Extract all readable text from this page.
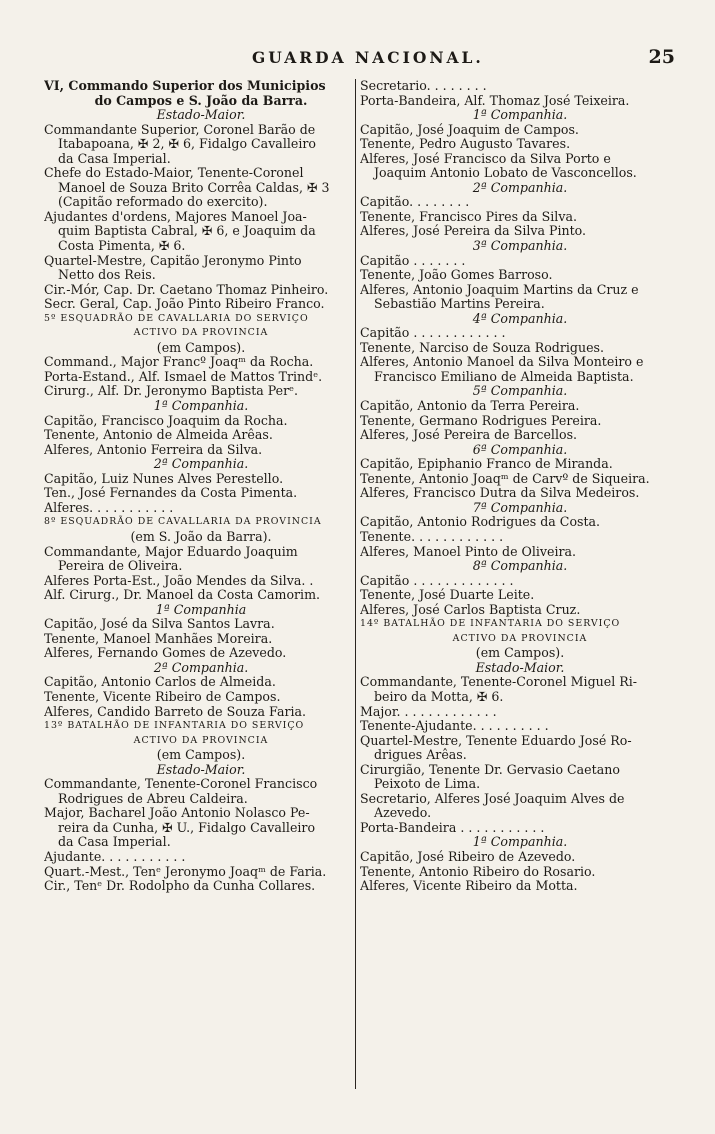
GUARDA NACIONAL.	25
VI, Commando Superior dos Municipios
do Campos e S. João da Barra.
Estado-Maior.
Commandante Superior, Coronel Barão de
Itabapoana, ✠ 2, ✠ 6, Fidalgo Cavalleiro
da Casa Imperial.
Chefe do Estado-Maior, Tenente-Coronel
Manoel de Souza Brito Corrêa Caldas, ✠ 3
(Capitão reformado do exercito).
Ajudantes d'ordens, Majores Manoel Joa-
quim Baptista Cabral, ✠ 6, e Joaquim da
Costa Pimenta, ✠ 6.
Quartel-Mestre, Capitão Jeronymo Pinto
Netto dos Reis.
Cir.-Mór, Cap. Dr. Caetano Thomaz Pinheiro.
Secr. Geral, Cap. João Pinto Ribeiro Franco.
5º ESQUADRÃO DE CAVALLARIA DO SERVIÇO
ACTIVO DA PROVINCIA
(em Campos).
Command., Major Francº Joaqᵐ da Rocha.
Porta-Estand., Alf. Ismael de Mattos Trindᵉ.
Cirurg., Alf. Dr. Jeronymo Baptista Perᵉ.
1ª Companhia.
Capitão, Francisco Joaquim da Rocha.
Tenente, Antonio de Almeida Arêas.
Alferes, Antonio Ferreira da Silva.
2ª Companhia.
Capitão, Luiz Nunes Alves Perestello.
Ten., José Fernandes da Costa Pimenta.
Alferes. . . . . . . . . . .
8º ESQUADRÃO DE CAVALLARIA DA PROVINCIA
(em S. João da Barra).
Commandante, Major Eduardo Joaquim
Pereira de Oliveira.
Alferes Porta-Est., João Mendes da Silva. .
Alf. Cirurg., Dr. Manoel da Costa Camorim.
1ª Companhia
Capitão, José da Silva Santos Lavra.
Tenente, Manoel Manhães Moreira.
Alferes, Fernando Gomes de Azevedo.
2ª Companhia.
Capitão, Antonio Carlos de Almeida.
Tenente, Vicente Ribeiro de Campos.
Alferes, Candido Barreto de Souza Faria.
13º BATALHÃO DE INFANTARIA DO SERVIÇO
ACTIVO DA PROVINCIA
(em Campos).
Estado-Maior.
Commandante, Tenente-Coronel Francisco
Rodrigues de Abreu Caldeira.
Major, Bacharel João Antonio Nolasco Pe-
reira da Cunha, ✠ U., Fidalgo Cavalleiro
da Casa Imperial.
Ajudante. . . . . . . . . . .
Quart.-Mest., Tenᵉ Jeronymo Joaqᵐ de Faria.
Cir., Tenᵉ Dr. Rodolpho da Cunha Collares.
Secretario. . . . . . . .
Porta-Bandeira, Alf. Thomaz José Teixeira.
1ª Companhia.
Capitão, José Joaquim de Campos.
Tenente, Pedro Augusto Tavares.
Alferes, José Francisco da Silva Porto e
Joaquim Antonio Lobato de Vasconcellos.
2ª Companhia.
Capitão. . . . . . . .
Tenente, Francisco Pires da Silva.
Alferes, José Pereira da Silva Pinto.
3ª Companhia.
Capitão . . . . . . .
Tenente, João Gomes Barroso.
Alferes, Antonio Joaquim Martins da Cruz e
Sebastião Martins Pereira.
4ª Companhia.
Capitão . . . . . . . . . . . .
Tenente, Narciso de Souza Rodrigues.
Alferes, Antonio Manoel da Silva Monteiro e
Francisco Emiliano de Almeida Baptista.
5ª Companhia.
Capitão, Antonio da Terra Pereira.
Tenente, Germano Rodrigues Pereira.
Alferes, José Pereira de Barcellos.
6ª Companhia.
Capitão, Epiphanio Franco de Miranda.
Tenente, Antonio Joaqᵐ de Carvº de Siqueira.
Alferes, Francisco Dutra da Silva Medeiros.
7ª Companhia.
Capitão, Antonio Rodrigues da Costa.
Tenente. . . . . . . . . . . .
Alferes, Manoel Pinto de Oliveira.
8ª Companhia.
Capitão . . . . . . . . . . . . .
Tenente, José Duarte Leite.
Alferes, José Carlos Baptista Cruz.
14º BATALHÃO DE INFANTARIA DO SERVIÇO
ACTIVO DA PROVINCIA
(em Campos).
Estado-Maior.
Commandante, Tenente-Coronel Miguel Ri-
beiro da Motta, ✠ 6.
Major. . . . . . . . . . . . .
Tenente-Ajudante. . . . . . . . . .
Quartel-Mestre, Tenente Eduardo José Ro-
drigues Arêas.
Cirurgião, Tenente Dr. Gervasio Caetano
Peixoto de Lima.
Secretario, Alferes José Joaquim Alves de
Azevedo.
Porta-Bandeira . . . . . . . . . . .
1ª Companhia.
Capitão, José Ribeiro de Azevedo.
Tenente, Antonio Ribeiro do Rosario.
Alferes, Vicente Ribeiro da Motta.
